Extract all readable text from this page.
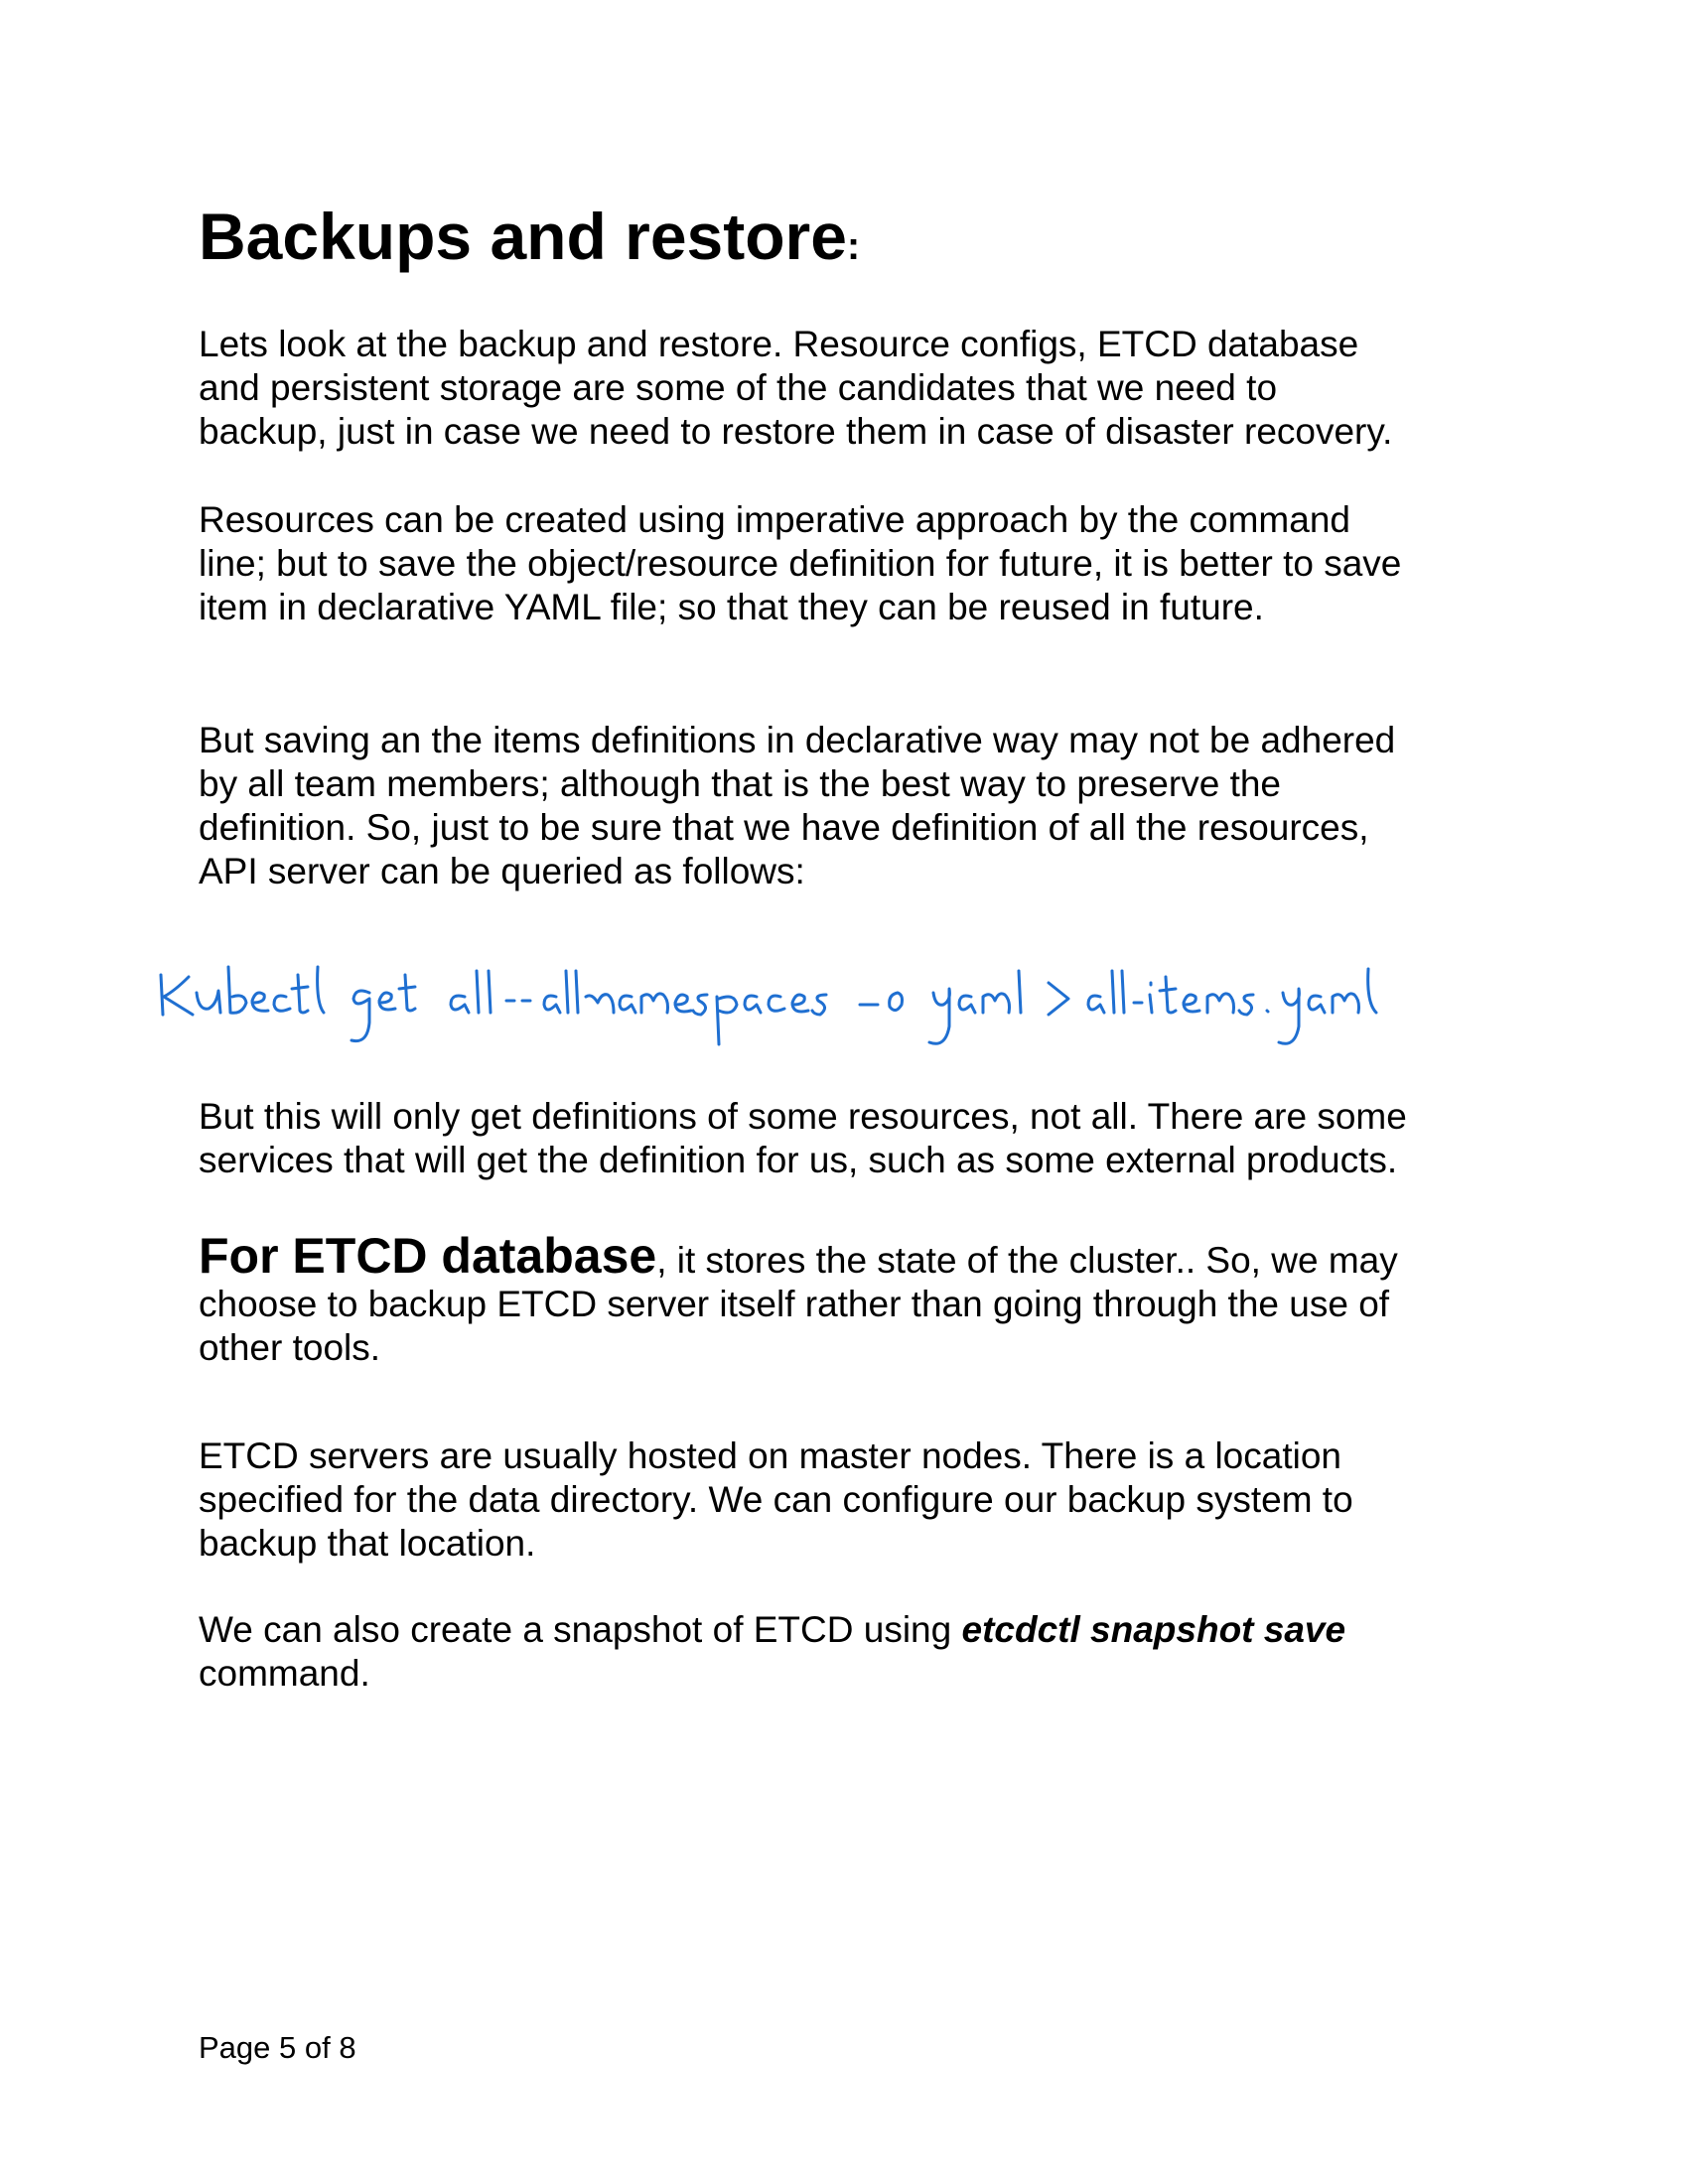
Backups and restore:

Lets look at the backup and restore. Resource configs, ETCD database
and persistent storage are some of the candidates that we need to
backup, just in case we need to restore them in case of disaster recovery.

Resources can be created using imperative approach by the command
line; but to save the object/resource definition for future, it is better to save
item in declarative YAML file; so that they can be reused in future.

But saving an the items definitions in declarative way may not be adhered
by all team members; although that is the best way to preserve the
definition. So, just to be sure that we have definition of all the resources,
API server can be queried as follows:

But this will only get definitions of some resources, not all. There are some
services that will get the definition for us, such as some external products.

For ETCD database, it stores the state of the cluster.. So, we may
choose to backup ETCD server itself rather than going through the use of
other tools.

ETCD servers are usually hosted on master nodes. There is a location
specified for the data directory. We can configure our backup system to
backup that location.

We can also create a snapshot of ETCD using etcdctl snapshot save
command.

Page 5 of 8
